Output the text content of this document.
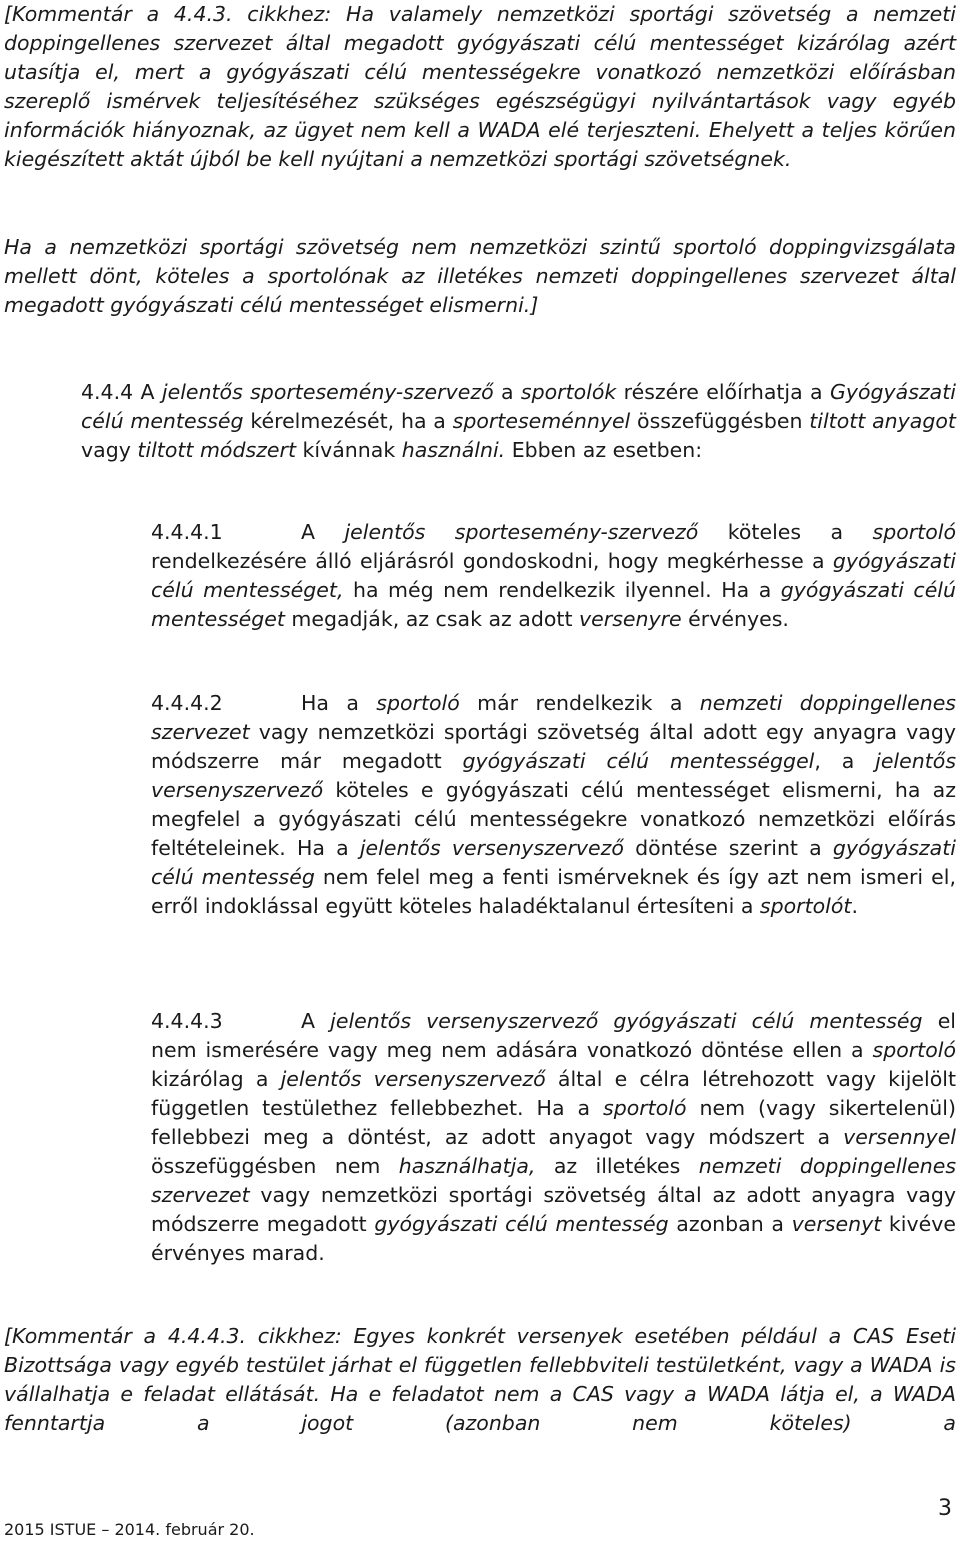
[Kommentár a 4.4.3. cikkhez: Ha valamely nemzetközi sportági szövetség a nemzeti doppingellenes szervezet által megadott gyógyászati célú mentességet kizárólag azért utasítja el, mert a gyógyászati célú mentességekre vonatkozó nemzetközi előírásban szereplő ismérvek teljesítéséhez szükséges egészségügyi nyilvántartások vagy egyéb információk hiányoznak, az ügyet nem kell a WADA elé terjeszteni. Ehelyett a teljes körűen kiegészített aktát újból be kell nyújtani a nemzetközi sportági szövetségnek.

Ha a nemzetközi sportági szövetség nem nemzetközi szintű sportoló doppingvizsgálata mellett dönt, köteles a sportolónak az illetékes nemzeti doppingellenes szervezet által megadott gyógyászati célú mentességet elismerni.]

4.4.4 A jelentős sportesemény-szervező a sportolók részére előírhatja a Gyógyászati célú mentesség kérelmezését, ha a sporteseménnyel összefüggésben tiltott anyagot vagy tiltott módszert kívánnak használni. Ebben az esetben:

4.4.4.1	A jelentős sportesemény-szervező köteles a sportoló rendelkezésére álló eljárásról gondoskodni, hogy megkérhesse a gyógyászati célú mentességet, ha még nem rendelkezik ilyennel. Ha a gyógyászati célú mentességet megadják, az csak az adott versenyre érvényes.

4.4.4.2	Ha a sportoló már rendelkezik a nemzeti doppingellenes szervezet vagy nemzetközi sportági szövetség által adott egy anyagra vagy módszerre már megadott gyógyászati célú mentességgel, a jelentős versenyszervező köteles e gyógyászati célú mentességet elismerni, ha az megfelel a gyógyászati célú mentességekre vonatkozó nemzetközi előírás feltételeinek. Ha a jelentős versenyszervező döntése szerint a gyógyászati célú mentesség nem felel meg a fenti ismérveknek és így azt nem ismeri el, erről indoklással együtt köteles haladéktalanul értesíteni a sportolót.

4.4.4.3	A jelentős versenyszervező gyógyászati célú mentesség el nem ismerésére vagy meg nem adására vonatkozó döntése ellen a sportoló kizárólag a jelentős versenyszervező által e célra létrehozott vagy kijelölt független testülethez fellebbezhet. Ha a sportoló nem (vagy sikertelenül) fellebbezi meg a döntést, az adott anyagot vagy módszert a versennyel összefüggésben nem használhatja, az illetékes nemzeti doppingellenes szervezet vagy nemzetközi sportági szövetség által az adott anyagra vagy módszerre megadott gyógyászati célú mentesség azonban a versenyt kivéve érvényes marad.

[Kommentár a 4.4.4.3. cikkhez: Egyes konkrét versenyek esetében például a CAS Eseti Bizottsága vagy egyéb testület járhat el független fellebbviteli testületként, vagy a WADA is vállalhatja e feladat ellátását. Ha e feladatot nem a CAS vagy a WADA látja el, a WADA fenntartja a jogot (azonban nem köteles) a

3
2015 ISTUE – 2014. február 20.
